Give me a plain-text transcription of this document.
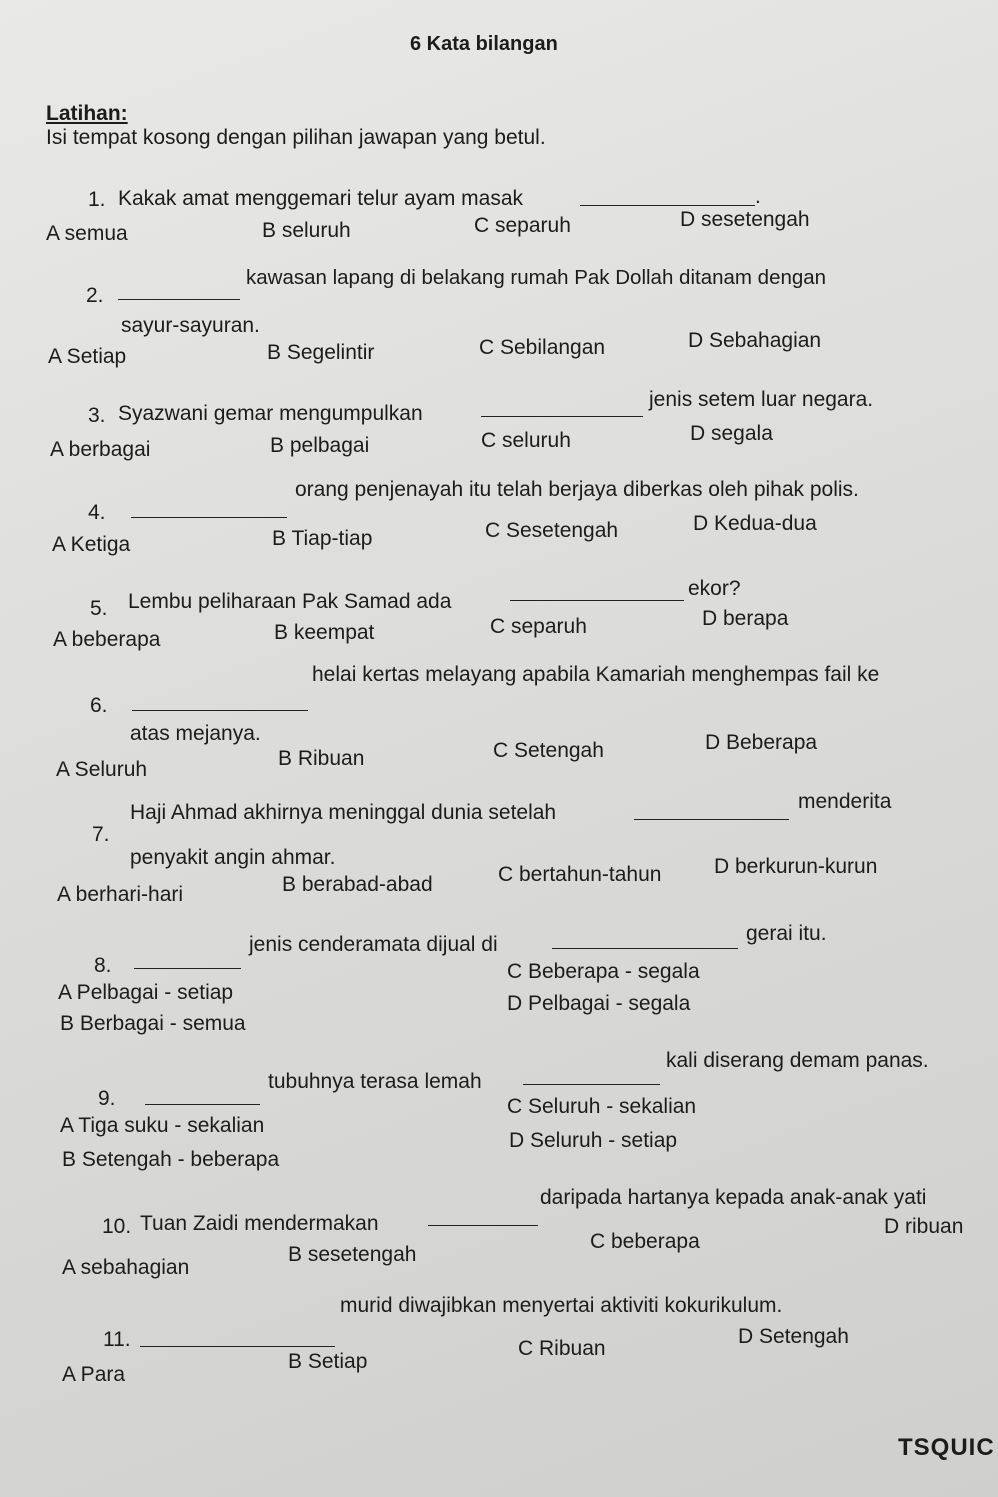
6 Kata bilangan
Latihan:
Isi tempat kosong dengan pilihan jawapan yang betul.
1. Kakak amat menggemari telur ayam masak	.
A semua	B seluruh	C separuh	D sesetengah
2.
kawasan lapang di belakang rumah Pak Dollah ditanam dengan
sayur-sayuran.
A Setiap	B Segelintir	C Sebilangan	D Sebahagian
3. Syazwani gemar mengumpulkan
jenis setem luar negara.
A berbagai	B pelbagai	C seluruh	D segala
4.
orang penjenayah itu telah berjaya diberkas oleh pihak polis.
A Ketiga	B Tiap-tiap	C Sesetengah	D Kedua-dua
5. Lembu peliharaan Pak Samad ada
ekor?
A beberapa	B keempat	C separuh	D berapa
6.
helai kertas melayang apabila Kamariah menghempas fail ke
atas mejanya.
A Seluruh	B Ribuan	C Setengah	D Beberapa
7.
Haji Ahmad akhirnya meninggal dunia setelah	menderita
penyakit angin ahmar.
A berhari-hari	B berabad-abad	C bertahun-tahun	D berkurun-kurun
8.
jenis cenderamata dijual di	gerai itu.
A Pelbagai - setiap
B Berbagai - semua
C Beberapa - segala
D Pelbagai - segala
9.
tubuhnya terasa lemah
kali diserang demam panas.
A Tiga suku - sekalian
B Setengah - beberapa
C Seluruh - sekalian
D Seluruh - setiap
10. Tuan Zaidi mendermakan
daripada hartanya kepada anak-anak yati
A sebahagian
B sesetengah
C beberapa
D ribuan
11.
murid diwajibkan menyertai aktiviti kokurikulum.
A Para
B Setiap
C Ribuan
D Setengah
TSQUIC
